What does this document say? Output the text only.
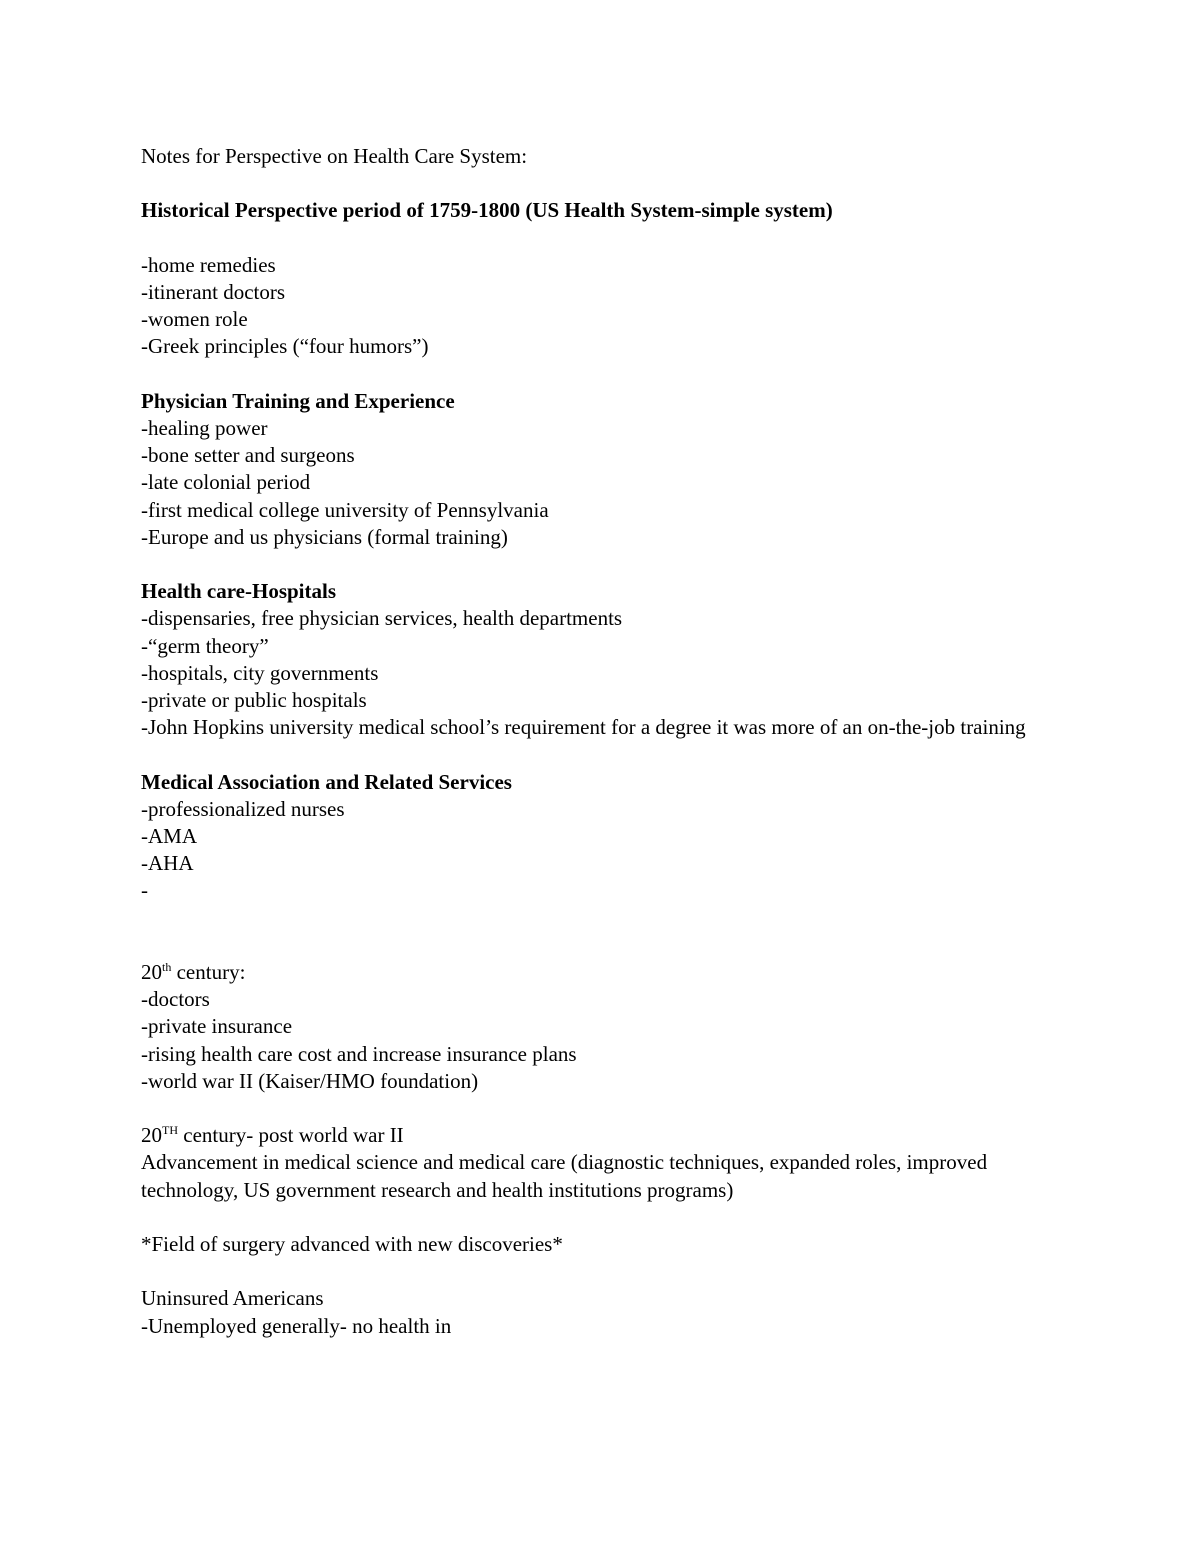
Notes for Perspective on Health Care System:
Historical Perspective period of 1759-1800 (US Health System-simple system)
-home remedies
-itinerant doctors
-women role
-Greek principles (“four humors”)
Physician Training and Experience
-healing power
-bone setter and surgeons
-late colonial period
-first medical college university of Pennsylvania
-Europe and us physicians (formal training)
Health care-Hospitals
-dispensaries, free physician services, health departments
-“germ theory”
-hospitals, city governments
-private or public hospitals
-John Hopkins university medical school’s requirement for a degree it was more of an on-the-job training
Medical Association and Related Services
-professionalized nurses
-AMA
-AHA
-
20th century:
-doctors
-private insurance
-rising health care cost and increase insurance plans
-world war II (Kaiser/HMO foundation)
20TH century- post world war II
Advancement in medical science and medical care (diagnostic techniques, expanded roles, improved technology, US government research and health institutions programs)
*Field of surgery advanced with new discoveries*
Uninsured Americans
-Unemployed generally- no health in
